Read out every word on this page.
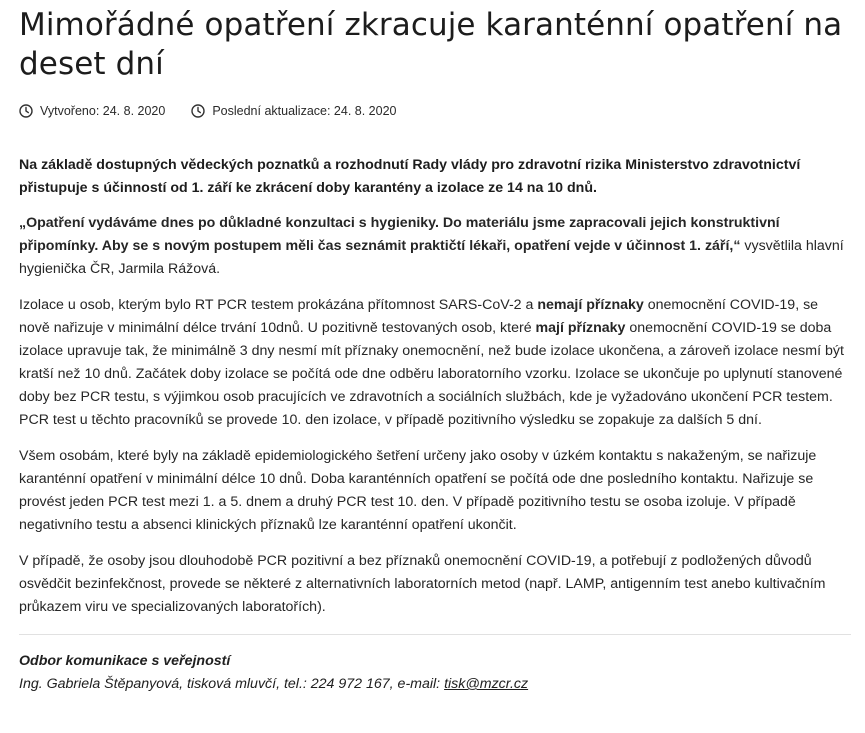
Mimořádné opatření zkracuje karanténní opatření na deset dní
Vytvořeno: 24. 8. 2020	Poslední aktualizace: 24. 8. 2020

Na základě dostupných vědeckých poznatků a rozhodnutí Rady vlády pro zdravotní rizika Ministerstvo zdravotnictví přistupuje s účinností od 1. září ke zkrácení doby karantény a izolace ze 14 na 10 dnů.

„Opatření vydáváme dnes po důkladné konzultaci s hygieniky. Do materiálu jsme zapracovali jejich konstruktivní připomínky. Aby se s novým postupem měli čas seznámit praktičtí lékaři, opatření vejde v účinnost 1. září,“ vysvětlila hlavní hygienička ČR, Jarmila Rážová.

Izolace u osob, kterým bylo RT PCR testem prokázána přítomnost SARS-CoV-2 a nemají příznaky onemocnění COVID-19, se nově nařizuje v minimální délce trvání 10dnů. U pozitivně testovaných osob, které mají příznaky onemocnění COVID-19 se doba izolace upravuje tak, že minimálně 3 dny nesmí mít příznaky onemocnění, než bude izolace ukončena, a zároveň izolace nesmí být kratší než 10 dnů. Začátek doby izolace se počítá ode dne odběru laboratorního vzorku. Izolace se ukončuje po uplynutí stanovené doby bez PCR testu, s výjimkou osob pracujících ve zdravotních a sociálních službách, kde je vyžadováno ukončení PCR testem. PCR test u těchto pracovníků se provede 10. den izolace, v případě pozitivního výsledku se zopakuje za dalších 5 dní.

Všem osobám, které byly na základě epidemiologického šetření určeny jako osoby v úzkém kontaktu s nakaženým, se nařizuje karanténní opatření v minimální délce 10 dnů. Doba karanténních opatření se počítá ode dne posledního kontaktu. Nařizuje se provést jeden PCR test mezi 1. a 5. dnem a druhý PCR test 10. den. V případě pozitivního testu se osoba izoluje. V případě negativního testu a absenci klinických příznaků lze karanténní opatření ukončit.

V případě, že osoby jsou dlouhodobě PCR pozitivní a bez příznaků onemocnění COVID-19, a potřebují z podložených důvodů osvědčit bezinfekčnost, provede se některé z alternativních laboratorních metod (např. LAMP, antigenním test anebo kultivačním průkazem viru ve specializovaných laboratořích).

Odbor komunikace s veřejností
Ing. Gabriela Štěpanyová, tisková mluvčí, tel.: 224 972 167, e-mail: tisk@mzcr.cz
